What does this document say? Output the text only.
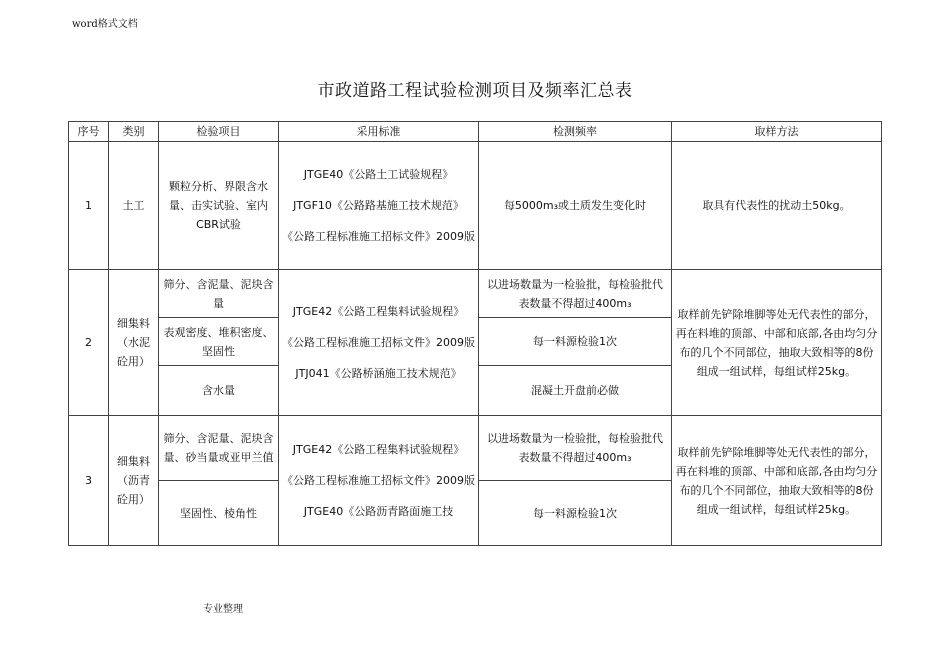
word格式文档
市政道路工程试验检测项目及频率汇总表
序号	类别	检验项目	采用标准	检测频率	取样方法
1	土工	颗粒分析、界限含水量、击实试验、室内CBR试验	JTGE40《公路土工试验规程》

JTGF10《公路路基施工技术规范》

《公路工程标准施工招标文件》2009版	每5000m₃或土质发生变化时	取具有代表性的扰动土50kg。
2	细集料（水泥砼用）	筛分、含泥量、泥块含量	JTGE42《公路工程集料试验规程》

《公路工程标准施工招标文件》2009版

JTJ041《公路桥涵施工技术规范》	以进场数量为一检验批，每检验批代表数量不得超过400m₃	取样前先铲除堆脚等处无代表性的部分，再在料堆的顶部、中部和底部,各由均匀分布的几个不同部位，抽取大致相等的8份组成一组试样，每组试样25kg。
		表观密度、堆积密度、坚固性		每一料源检验1次	
		含水量		混凝土开盘前必做	
3	细集料（沥青砼用）	筛分、含泥量、泥块含量、砂当量或亚甲兰值	JTGE42《公路工程集料试验规程》

《公路工程标准施工招标文件》2009版

JTGE40《公路沥青路面施工技	以进场数量为一检验批，每检验批代表数量不得超过400m₃	取样前先铲除堆脚等处无代表性的部分，再在料堆的顶部、中部和底部,各由均匀分布的几个不同部位，抽取大致相等的8份组成一组试样，每组试样25kg。
		坚固性、棱角性		每一料源检验1次	
专业整理
